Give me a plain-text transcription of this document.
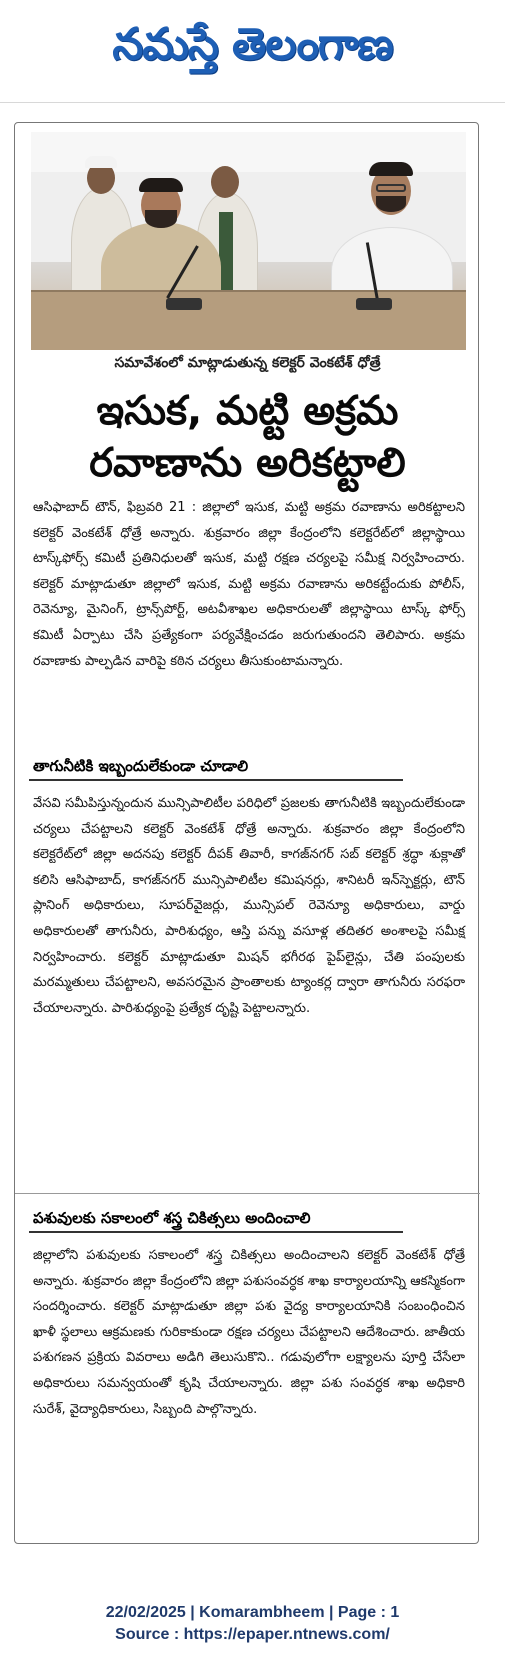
నమస్తే తెలంగాణ
సమావేశంలో మాట్లాడుతున్న కలెక్టర్ వెంకటేశ్ ధోత్రే
ఇసుక, మట్టి అక్రమ
రవాణాను అరికట్టాలి
ఆసిఫాబాద్ టౌన్, ఫిబ్రవరి 21 : జిల్లాలో ఇసుక, మట్టి అక్రమ రవాణాను అరికట్టాలని కలెక్టర్ వెంకటేశ్ ధోత్రే అన్నారు. శుక్రవారం జిల్లా కేంద్రంలోని కలెక్టరేట్‌లో జిల్లాస్థాయి టాస్క్‌ఫోర్స్ కమిటీ ప్రతినిధులతో ఇసుక, మట్టి రక్షణ చర్యలపై సమీక్ష నిర్వహించారు. కలెక్టర్ మాట్లాడుతూ జిల్లాలో ఇసుక, మట్టి అక్రమ రవాణాను అరికట్టేందుకు పోలీస్, రెవెన్యూ, మైనింగ్, ట్రాన్స్‌పోర్ట్, అటవీశాఖల అధికారులతో జిల్లాస్థాయి టాస్క్ ఫోర్స్ కమిటీ ఏర్పాటు చేసి ప్రత్యేకంగా పర్యవేక్షించడం జరుగుతుందని తెలిపారు. అక్రమ రవాణాకు పాల్పడిన వారిపై కఠిన చర్యలు తీసుకుంటామన్నారు.
తాగునీటికి ఇబ్బందులేకుండా చూడాలి
వేసవి సమీపిస్తున్నందున మున్సిపాలిటీల పరిధిలో ప్రజలకు తాగునీటికి ఇబ్బందులేకుండా చర్యలు చేపట్టాలని కలెక్టర్ వెంకటేశ్ ధోత్రే అన్నారు. శుక్రవారం జిల్లా కేంద్రంలోని కలెక్టరేట్‌లో జిల్లా అదనపు కలెక్టర్ దీపక్ తివారీ, కాగజ్‌నగర్ సబ్ కలెక్టర్ శ్రద్ధా శుక్లాతో కలిసి ఆసిఫాబాద్, కాగజ్‌నగర్ మున్సిపాలిటీల కమిషనర్లు, శానిటరీ ఇన్‌స్పెక్టర్లు, టౌన్ ప్లానింగ్ అధికారులు, సూపర్‌వైజర్లు, మున్సిపల్ రెవెన్యూ అధికారులు, వార్డు అధికారులతో తాగునీరు, పారిశుధ్యం, ఆస్తి పన్ను వసూళ్ల తదితర అంశాలపై సమీక్ష నిర్వహించారు. కలెక్టర్ మాట్లాడుతూ మిషన్ భగీరథ పైప్‌లైన్లు, చేతి పంపులకు మరమ్మతులు చేపట్టాలని, అవసరమైన ప్రాంతాలకు ట్యాంకర్ల ద్వారా తాగునీరు సరఫరా చేయాలన్నారు. పారిశుధ్యంపై ప్రత్యేక దృష్టి పెట్టాలన్నారు.
పశువులకు సకాలంలో శస్త్ర చికిత్సలు అందించాలి
జిల్లాలోని పశువులకు సకాలంలో శస్త్ర చికిత్సలు అందించాలని కలెక్టర్ వెంకటేశ్ ధోత్రే అన్నారు. శుక్రవారం జిల్లా కేంద్రంలోని జిల్లా పశుసంవర్ధక శాఖ కార్యాలయాన్ని ఆకస్మికంగా సందర్శించారు. కలెక్టర్ మాట్లాడుతూ జిల్లా పశు వైద్య కార్యాలయానికి సంబంధించిన ఖాళీ స్థలాలు ఆక్రమణకు గురికాకుండా రక్షణ చర్యలు చేపట్టాలని ఆదేశించారు. జాతీయ పశుగణన ప్రక్రియ వివరాలు అడిగి తెలుసుకొని.. గడువులోగా లక్ష్యాలను పూర్తి చేసేలా అధికారులు సమన్వయంతో కృషి చేయాలన్నారు. జిల్లా పశు సంవర్ధక శాఖ అధికారి సురేశ్, వైద్యాధికారులు, సిబ్బంది పాల్గొన్నారు.
22/02/2025 | Komarambheem | Page : 1
Source : https://epaper.ntnews.com/
